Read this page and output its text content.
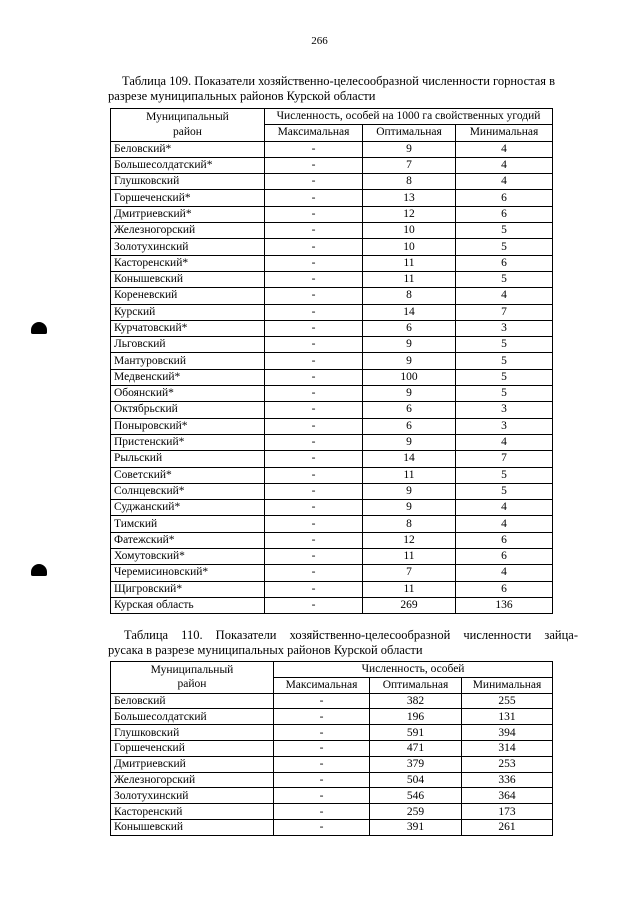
266
Таблица 109. Показатели хозяйственно-целесообразной численности горностая в
разрезе муниципальных районов Курской области
Муниципальный
район	Численность, особей на 1000 га свойственных угодий		
	Максимальная	Оптимальная	Минимальная
Беловский*	-	9	4
Большесолдатский*	-	7	4
Глушковский	-	8	4
Горшеченский*	-	13	6
Дмитриевский*	-	12	6
Железногорский	-	10	5
Золотухинский	-	10	5
Касторенский*	-	11	6
Конышевский	-	11	5
Кореневский	-	8	4
Курский	-	14	7
Курчатовский*	-	6	3
Льговский	-	9	5
Мантуровский	-	9	5
Медвенский*	-	100	5
Обоянский*	-	9	5
Октябрьский	-	6	3
Поныровский*	-	6	3
Пристенский*	-	9	4
Рыльский	-	14	7
Советский*	-	11	5
Солнцевский*	-	9	5
Суджанский*	-	9	4
Тимский	-	8	4
Фатежский*	-	12	6
Хомутовский*	-	11	6
Черемисиновский*	-	7	4
Щигровский*	-	11	6
Курская область	-	269	136
Таблица 110. Показатели хозяйственно-целесообразной численности зайца-
русака в разрезе муниципальных районов Курской области
Муниципальный
район	Численность, особей		
	Максимальная	Оптимальная	Минимальная
Беловский	-	382	255
Большесолдатский	-	196	131
Глушковский	-	591	394
Горшеченский	-	471	314
Дмитриевский	-	379	253
Железногорский	-	504	336
Золотухинский	-	546	364
Касторенский	-	259	173
Конышевский	-	391	261
